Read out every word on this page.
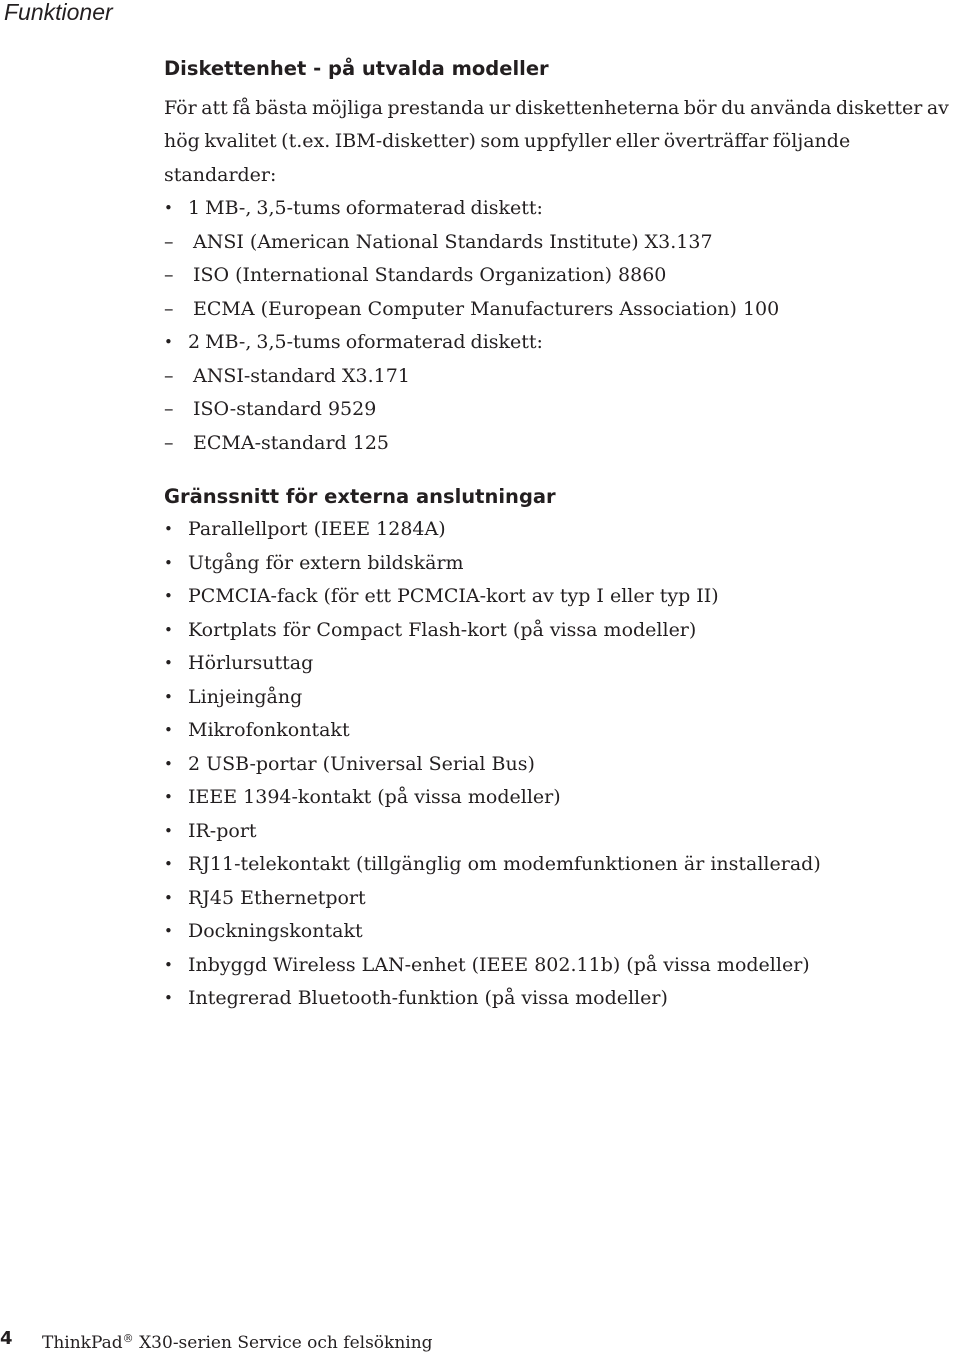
Funktioner
Diskettenhet - på utvalda modeller

För att få bästa möjliga prestanda ur diskettenheterna bör du använda disketter av hög kvalitet (t.ex. IBM-disketter) som uppfyller eller överträffar följande standarder:

• 1 MB-, 3,5-tums oformaterad diskett:
– ANSI (American National Standards Institute) X3.137
– ISO (International Standards Organization) 8860
– ECMA (European Computer Manufacturers Association) 100
• 2 MB-, 3,5-tums oformaterad diskett:
– ANSI-standard X3.171
– ISO-standard 9529
– ECMA-standard 125
Gränssnitt för externa anslutningar
• Parallellport (IEEE 1284A)
• Utgång för extern bildskärm
• PCMCIA-fack (för ett PCMCIA-kort av typ I eller typ II)
• Kortplats för Compact Flash-kort (på vissa modeller)
• Hörlursuttag
• Linjeingång
• Mikrofonkontakt
• 2 USB-portar (Universal Serial Bus)
• IEEE 1394-kontakt (på vissa modeller)
• IR-port
• RJ11-telekontakt (tillgänglig om modemfunktionen är installerad)
• RJ45 Ethernetport
• Dockningskontakt
• Inbyggd Wireless LAN-enhet (IEEE 802.11b) (på vissa modeller)
• Integrerad Bluetooth-funktion (på vissa modeller)
4 ThinkPad® X30-serien Service och felsökning
